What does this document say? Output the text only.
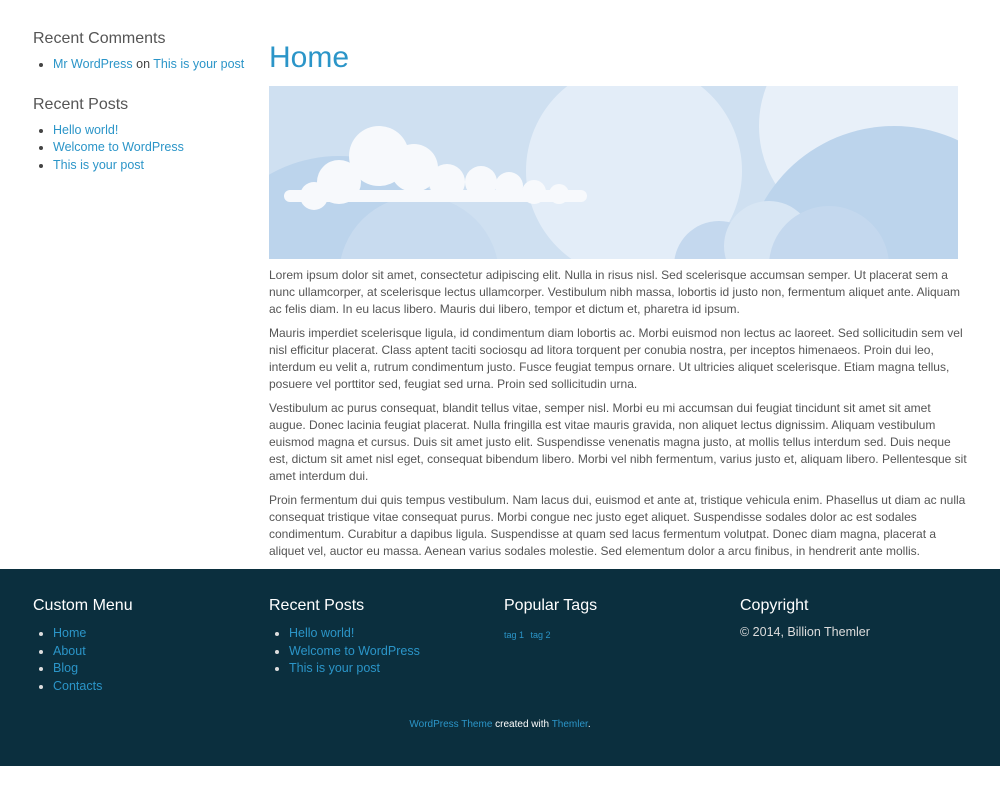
Recent Comments
• Mr WordPress on This is your post
Recent Posts
• Hello world!
• Welcome to WordPress
• This is your post
Home

Lorem ipsum dolor sit amet, consectetur adipiscing elit. Nulla in risus nisl. Sed scelerisque accumsan semper. Ut placerat sem a nunc ullamcorper, at scelerisque lectus ullamcorper. Vestibulum nibh massa, lobortis id justo non, fermentum aliquet ante. Aliquam ac felis diam. In eu lacus libero. Mauris dui libero, tempor et dictum et, pharetra id ipsum.

Mauris imperdiet scelerisque ligula, id condimentum diam lobortis ac. Morbi euismod non lectus ac laoreet. Sed sollicitudin sem vel nisl efficitur placerat. Class aptent taciti sociosqu ad litora torquent per conubia nostra, per inceptos himenaeos. Proin dui leo, interdum eu velit a, rutrum condimentum justo. Fusce feugiat tempus ornare. Ut ultricies aliquet scelerisque. Etiam magna tellus, posuere vel porttitor sed, feugiat sed urna. Proin sed sollicitudin urna.

Vestibulum ac purus consequat, blandit tellus vitae, semper nisl. Morbi eu mi accumsan dui feugiat tincidunt sit amet sit amet augue. Donec lacinia feugiat placerat. Nulla fringilla est vitae mauris gravida, non aliquet lectus dignissim. Aliquam vestibulum euismod magna et cursus. Duis sit amet justo elit. Suspendisse venenatis magna justo, at mollis tellus interdum sed. Duis neque est, dictum sit amet nisl eget, consequat bibendum libero. Morbi vel nibh fermentum, varius justo et, aliquam libero. Pellentesque sit amet interdum dui.

Proin fermentum dui quis tempus vestibulum. Nam lacus dui, euismod et ante at, tristique vehicula enim. Phasellus ut diam ac nulla consequat tristique vitae consequat purus. Morbi congue nec justo eget aliquet. Suspendisse sodales dolor ac est sodales condimentum. Curabitur a dapibus ligula. Suspendisse at quam sed lacus fermentum volutpat. Donec diam magna, placerat a aliquet vel, auctor eu massa. Aenean varius sodales molestie. Sed elementum dolor a arcu finibus, in hendrerit ante mollis.

Custom Menu
• Home
• About
• Blog
• Contacts
Recent Posts
• Hello world!
• Welcome to WordPress
• This is your post
Popular Tags
tag 1 tag 2
Copyright
© 2014, Billion Themler
WordPress Theme created with Themler.
